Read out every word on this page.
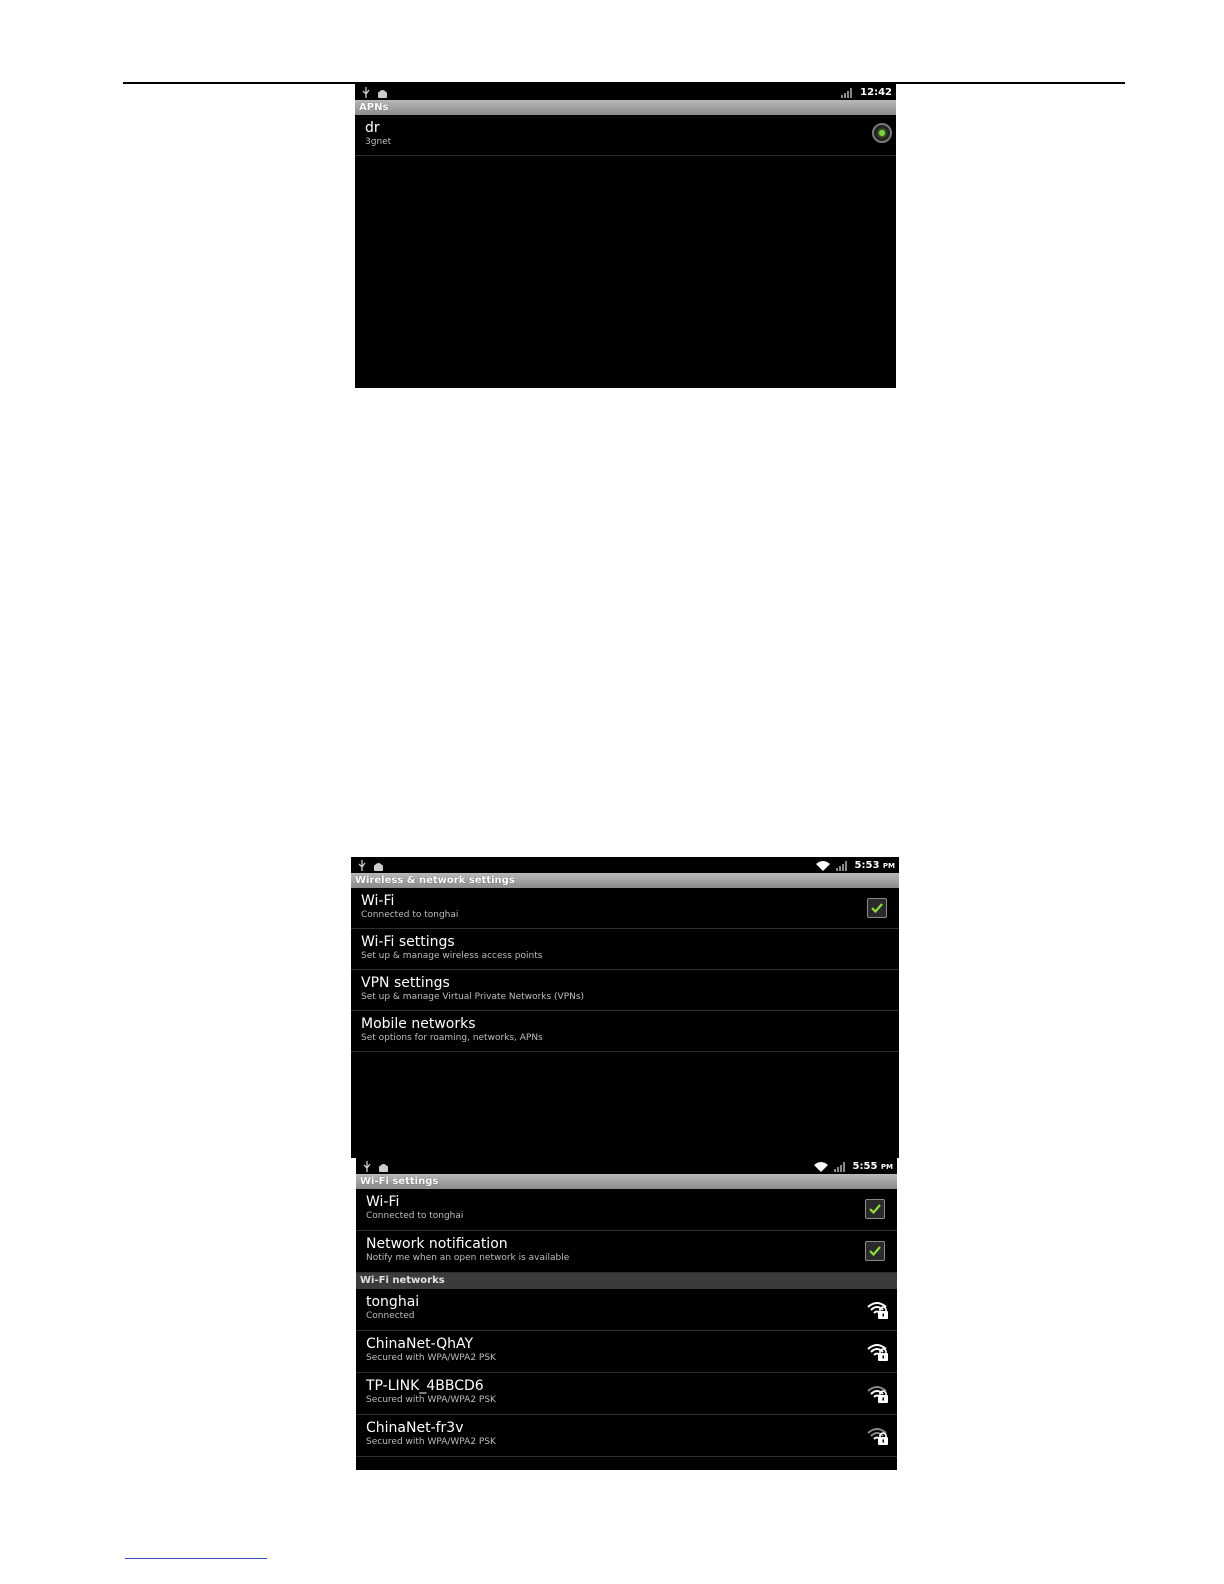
12:42
APNs
dr
3gnet
5:53 PM
Wireless & network settings
Wi-Fi
Connected to tonghai
Wi-Fi settings
Set up & manage wireless access points
VPN settings
Set up & manage Virtual Private Networks (VPNs)
Mobile networks
Set options for roaming, networks, APNs
5:55 PM
Wi-Fi settings
Wi-Fi
Connected to tonghai
Network notification
Notify me when an open network is available
Wi-Fi networks
tonghai
Connected
ChinaNet-QhAY
Secured with WPA/WPA2 PSK
TP-LINK_4BBCD6
Secured with WPA/WPA2 PSK
ChinaNet-fr3v
Secured with WPA/WPA2 PSK
